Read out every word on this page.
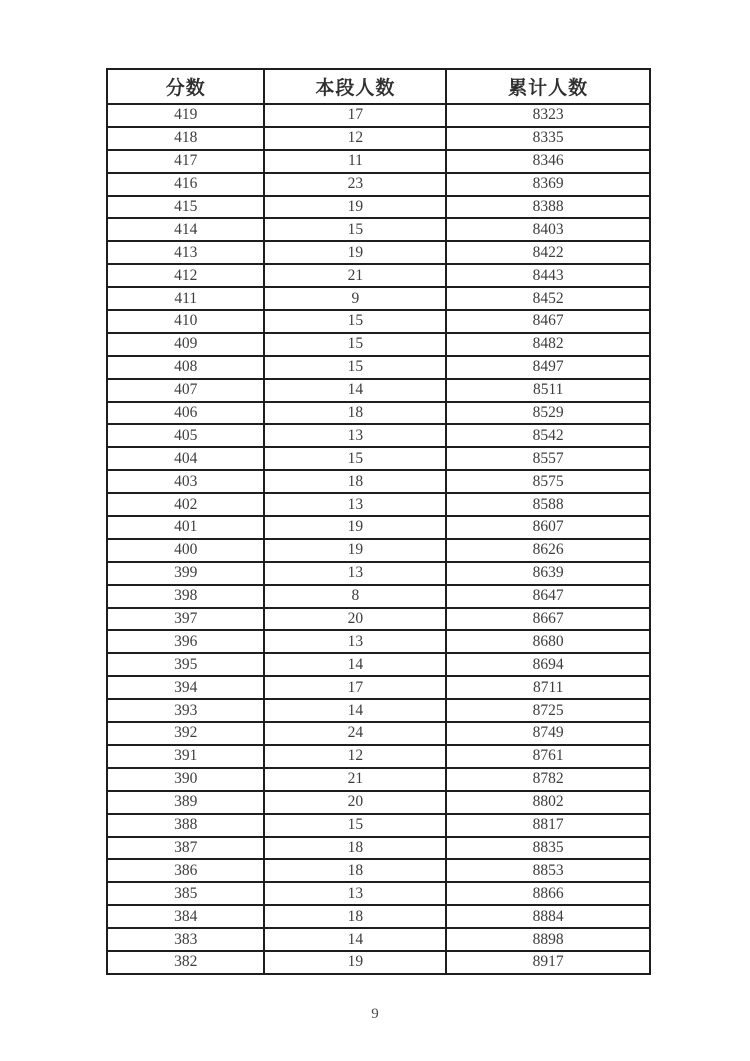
分数	本段人数	累计人数
419	17	8323
418	12	8335
417	11	8346
416	23	8369
415	19	8388
414	15	8403
413	19	8422
412	21	8443
411	9	8452
410	15	8467
409	15	8482
408	15	8497
407	14	8511
406	18	8529
405	13	8542
404	15	8557
403	18	8575
402	13	8588
401	19	8607
400	19	8626
399	13	8639
398	8	8647
397	20	8667
396	13	8680
395	14	8694
394	17	8711
393	14	8725
392	24	8749
391	12	8761
390	21	8782
389	20	8802
388	15	8817
387	18	8835
386	18	8853
385	13	8866
384	18	8884
383	14	8898
382	19	8917
9
